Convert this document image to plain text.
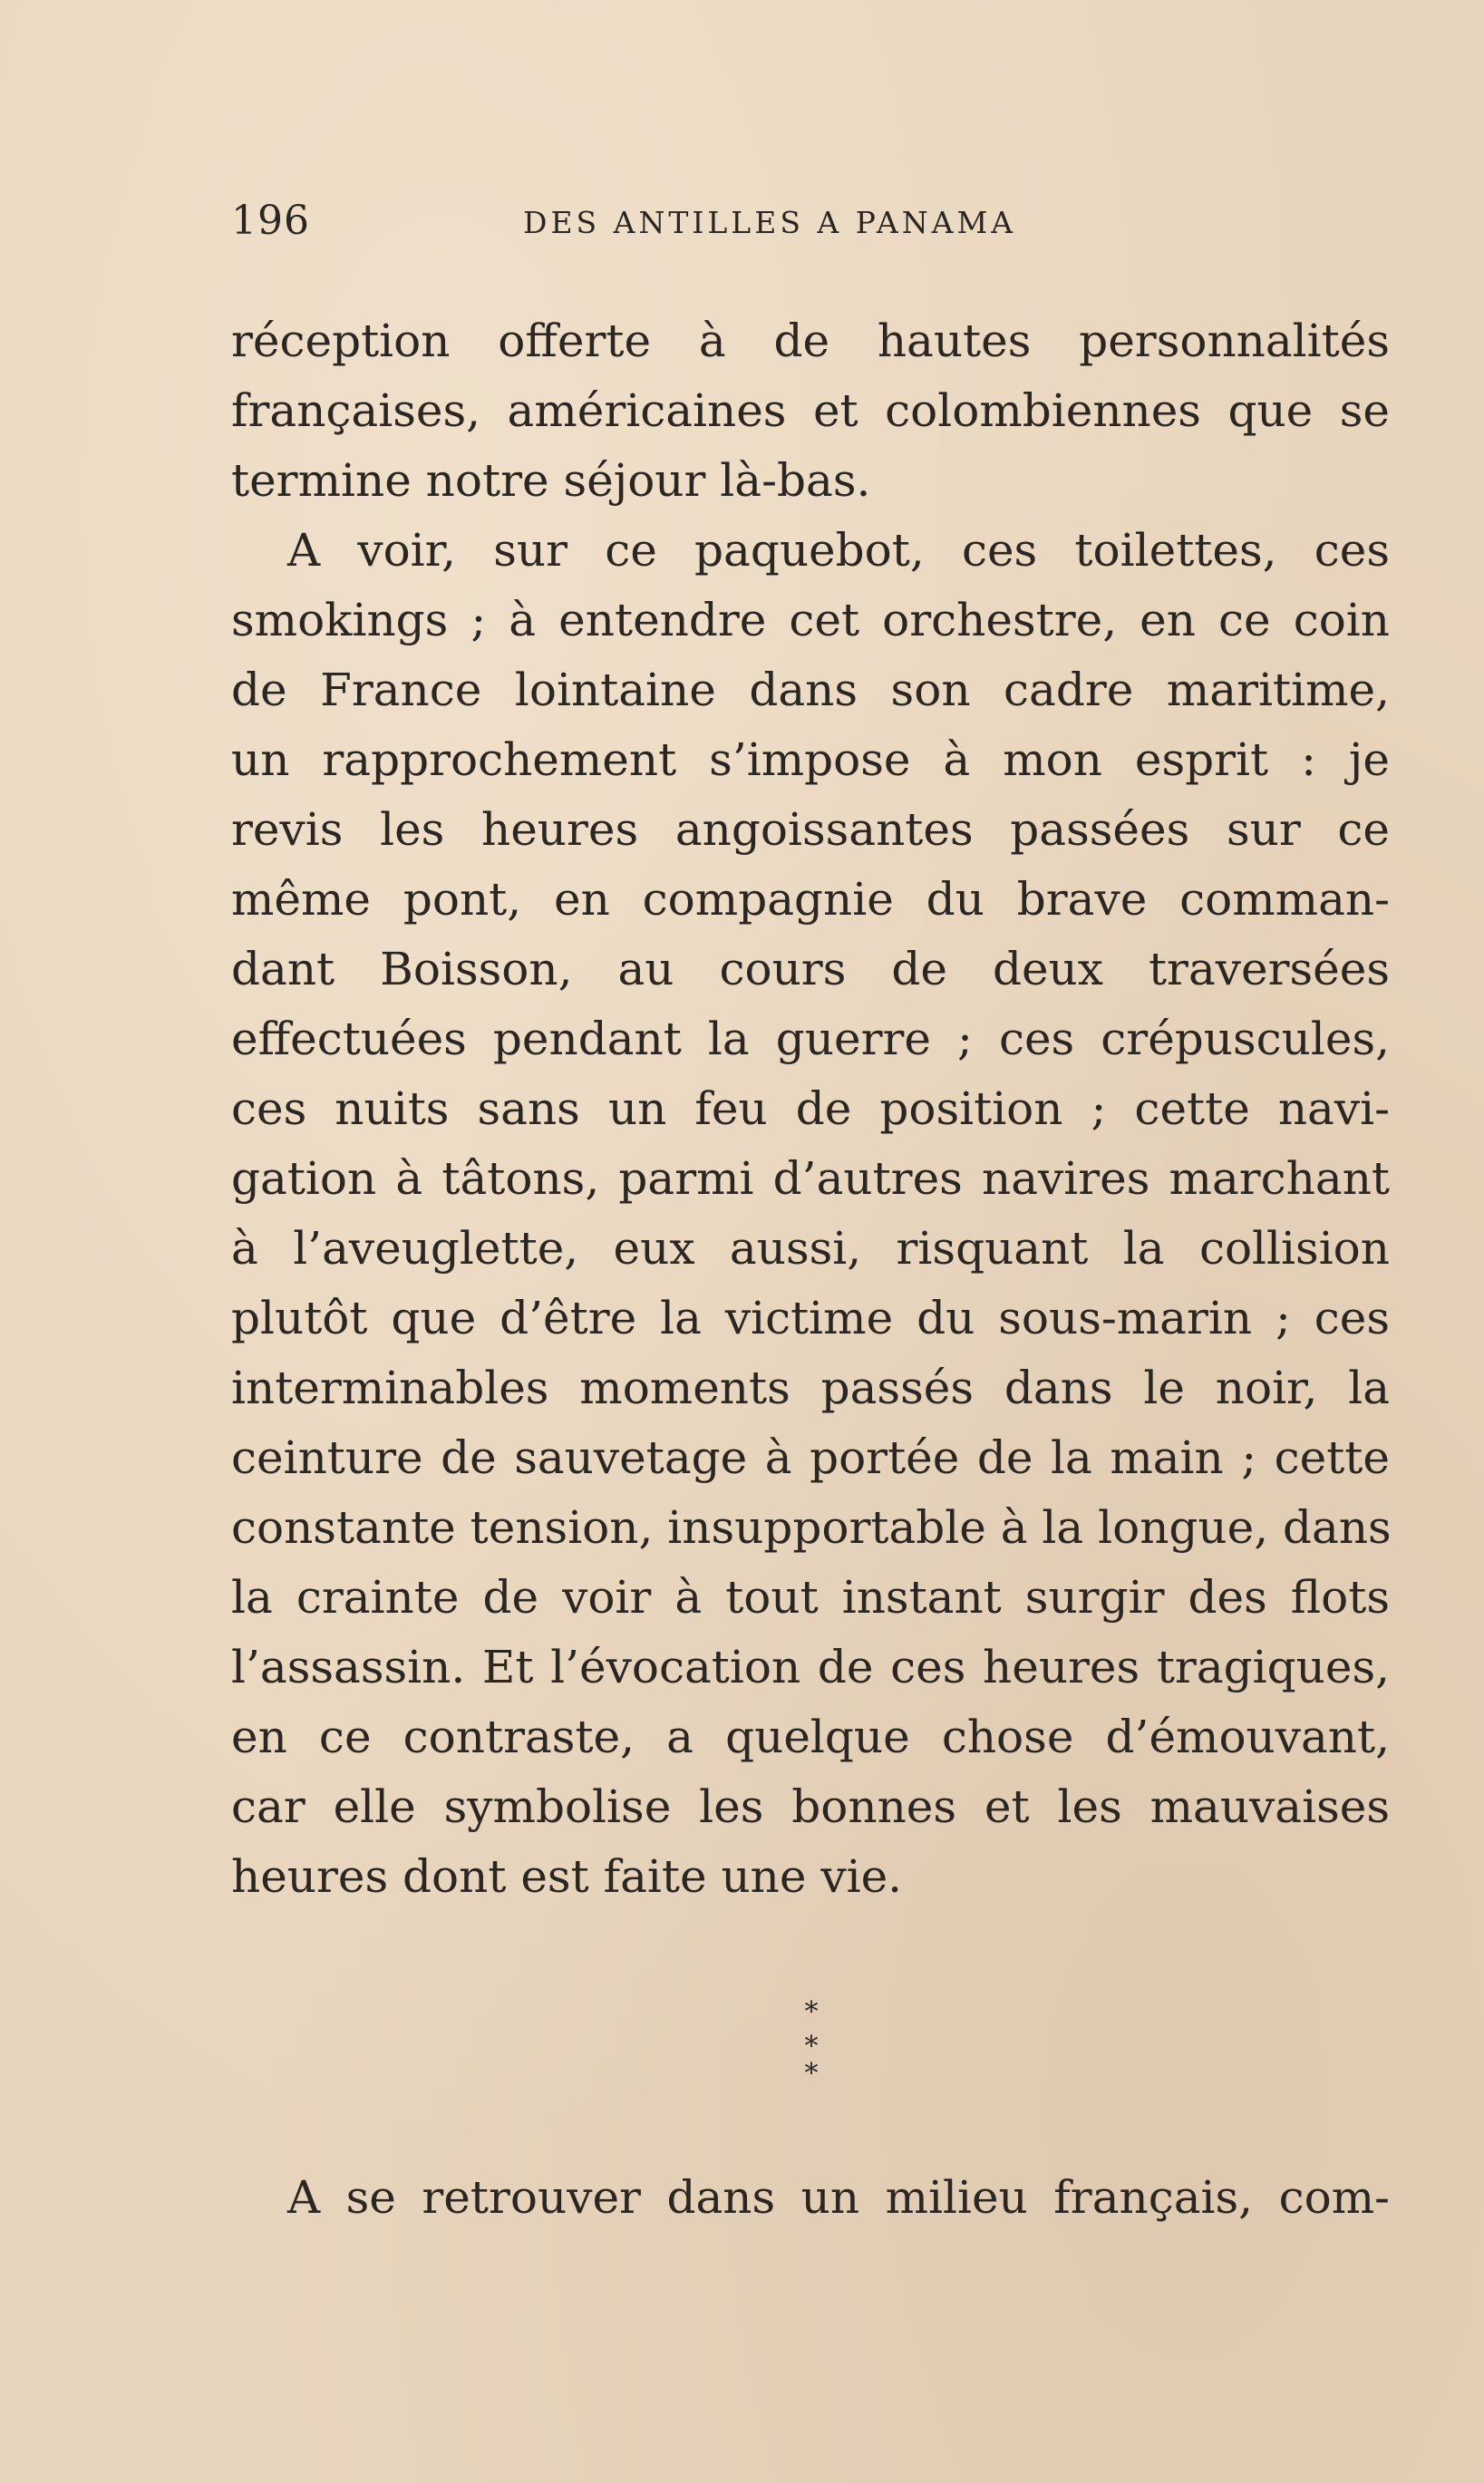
196	DES ANTILLES A PANAMA
réception offerte à de hautes personnalités
françaises, américaines et colombiennes que se
termine notre séjour là-bas.
A voir, sur ce paquebot, ces toilettes, ces
smokings ; à entendre cet orchestre, en ce coin
de France lointaine dans son cadre maritime,
un rapprochement s’impose à mon esprit : je
revis les heures angoissantes passées sur ce
même pont, en compagnie du brave comman-
dant Boisson, au cours de deux traversées
effectuées pendant la guerre ; ces crépuscules,
ces nuits sans un feu de position ; cette navi-
gation à tâtons, parmi d’autres navires marchant
à l’aveuglette, eux aussi, risquant la collision
plutôt que d’être la victime du sous-marin ; ces
interminables moments passés dans le noir, la
ceinture de sauvetage à portée de la main ; cette
constante tension, insupportable à la longue, dans
la crainte de voir à tout instant surgir des flots
l’assassin. Et l’évocation de ces heures tragiques,
en ce contraste, a quelque chose d’émouvant,
car elle symbolise les bonnes et les mauvaises
heures dont est faite une vie.
*
* *
A se retrouver dans un milieu français, com-
